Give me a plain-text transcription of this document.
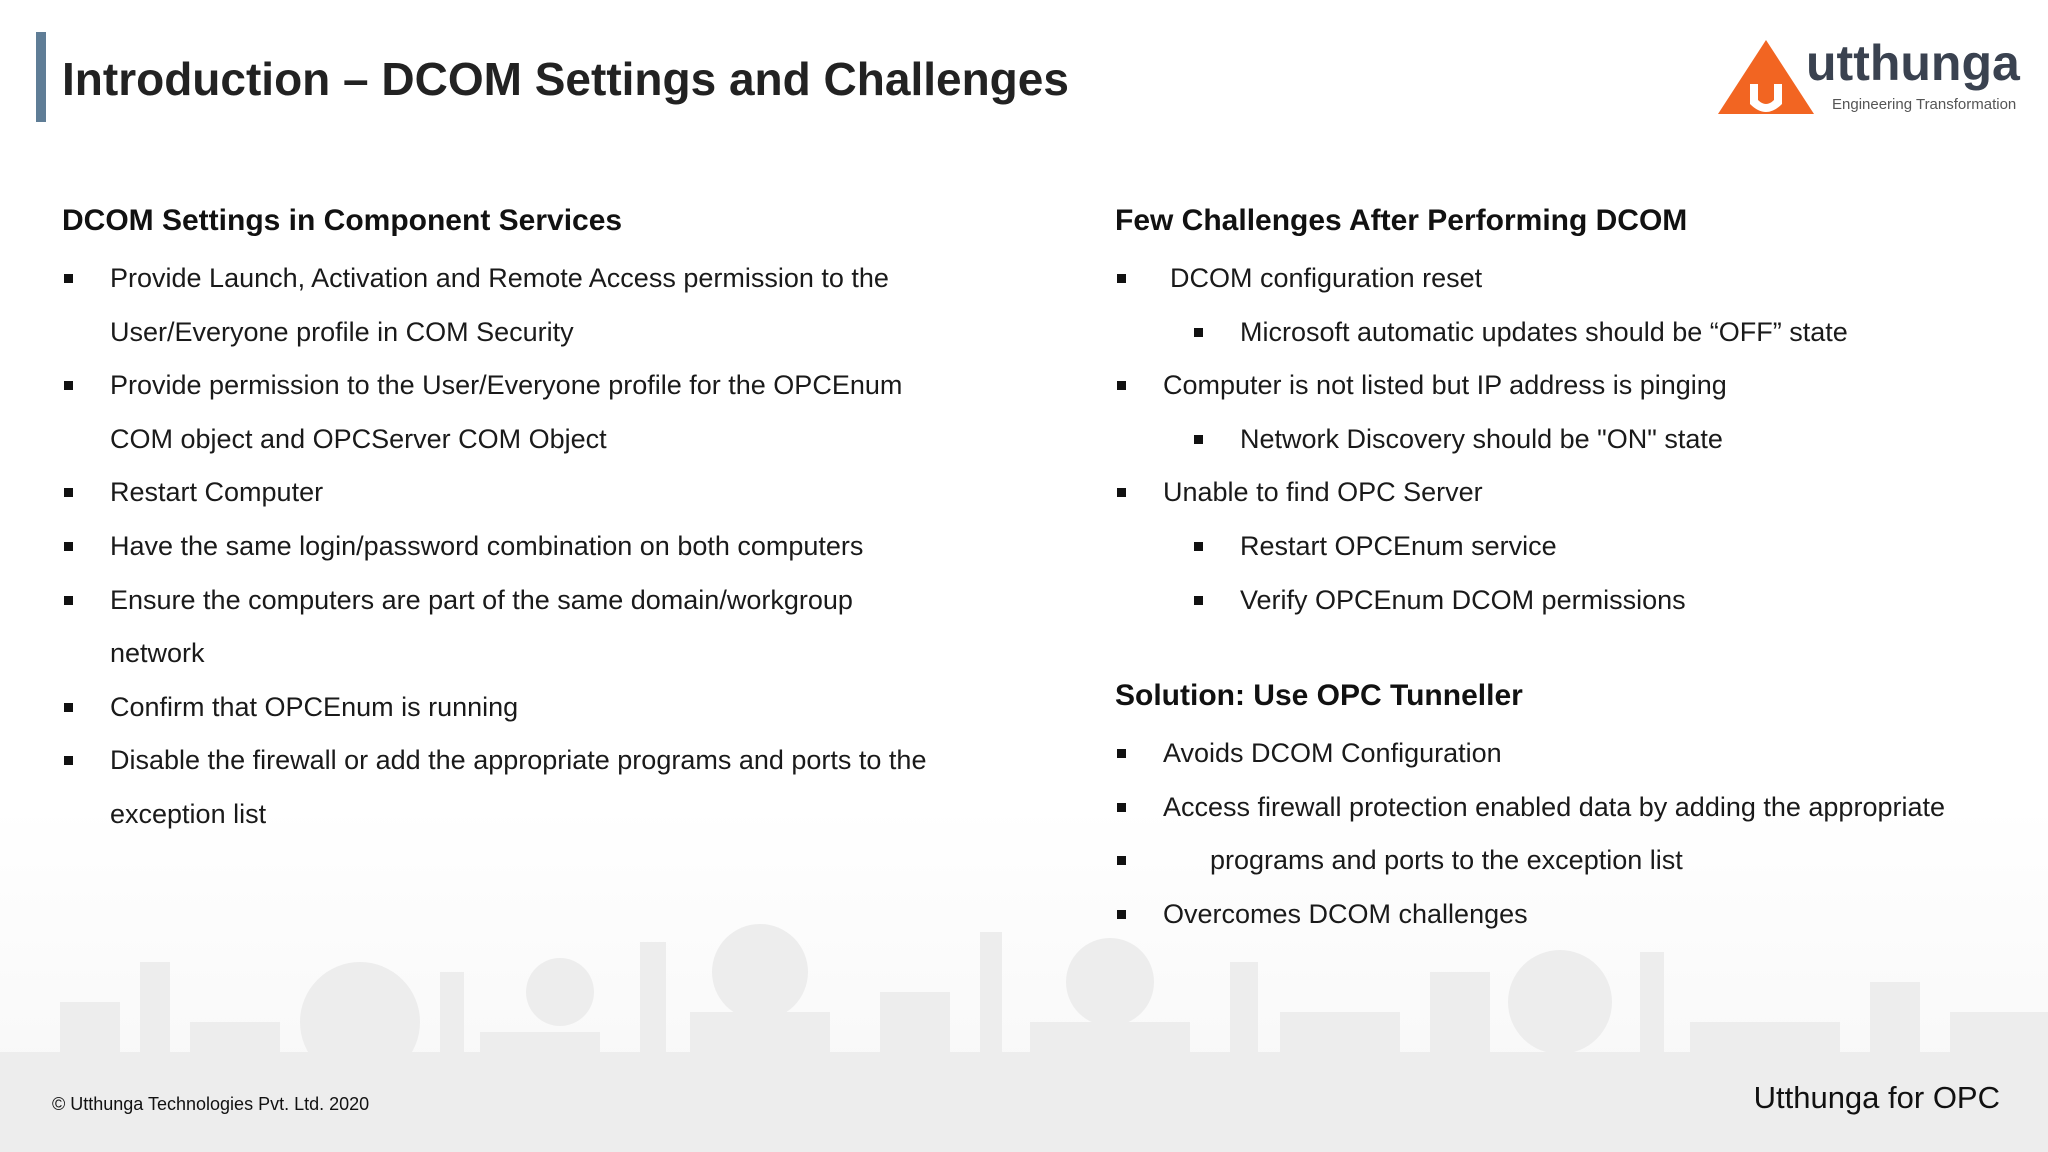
Introduction – DCOM Settings and Challenges	utthunga
Engineering Transformation
DCOM Settings in Component Services
Provide Launch, Activation and Remote Access permission to the User/Everyone profile in COM Security
Provide permission to the User/Everyone profile for the OPCEnum COM object and OPCServer COM Object
Restart Computer
Have the same login/password combination on both computers
Ensure the computers are part of the same domain/workgroup network
Confirm that OPCEnum is running
Disable the firewall or add the appropriate programs and ports to the exception list
Few Challenges After Performing DCOM
DCOM configuration reset
Microsoft automatic updates should be “OFF” state
Computer is not listed but IP address is pinging
Network Discovery should be "ON" state
Unable to find OPC Server
Restart OPCEnum service
Verify OPCEnum DCOM permissions
Solution: Use OPC Tunneller
Avoids DCOM Configuration
Access firewall protection enabled data by adding the appropriate
programs and ports to the exception list
Overcomes DCOM challenges
© Utthunga Technologies Pvt. Ltd. 2020	Utthunga for OPC
